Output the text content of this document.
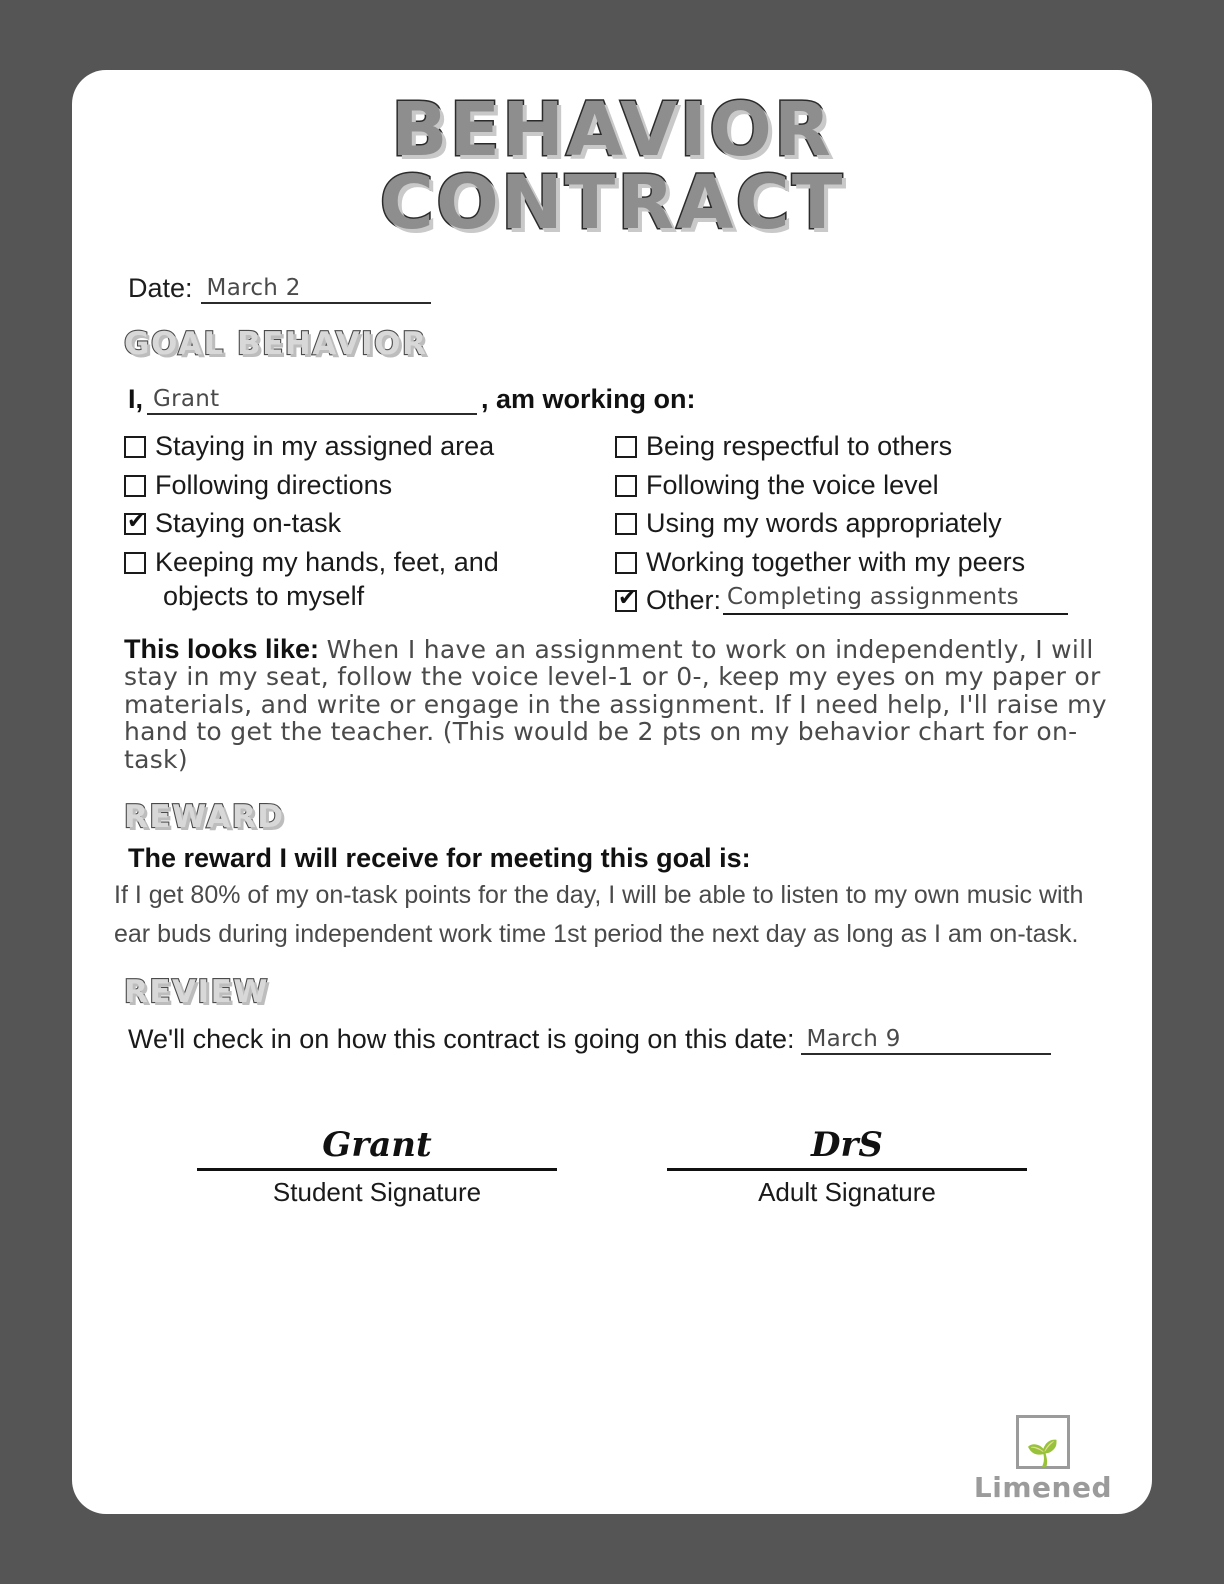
BEHAVIOR
CONTRACT
Date: March 2
GOAL BEHAVIOR
I, Grant	, am working on:
Staying in my assigned area
Following directions
✔
Staying on-task
Keeping my hands, feet, and
objects to myself
Being respectful to others
Following the voice level
Using my words appropriately
Working together with my peers
✔
Other: Completing assignments
This looks like: When I have an assignment to work on independently, I will stay in my seat, follow the voice level-1 or 0-, keep my eyes on my paper or materials, and write or engage in the assignment. If I need help, I'll raise my hand to get the teacher. (This would be 2 pts on my behavior chart for on-task)
REWARD
The reward I will receive for meeting this goal is:
If I get 80% of my on-task points for the day, I will be able to listen to my own music with ear buds during independent work time 1st period the next day as long as I am on-task.
REVIEW
We'll check in on how this contract is going on this date: March 9
Grant
Student Signature
DrS
Adult Signature
🌱
Limened
